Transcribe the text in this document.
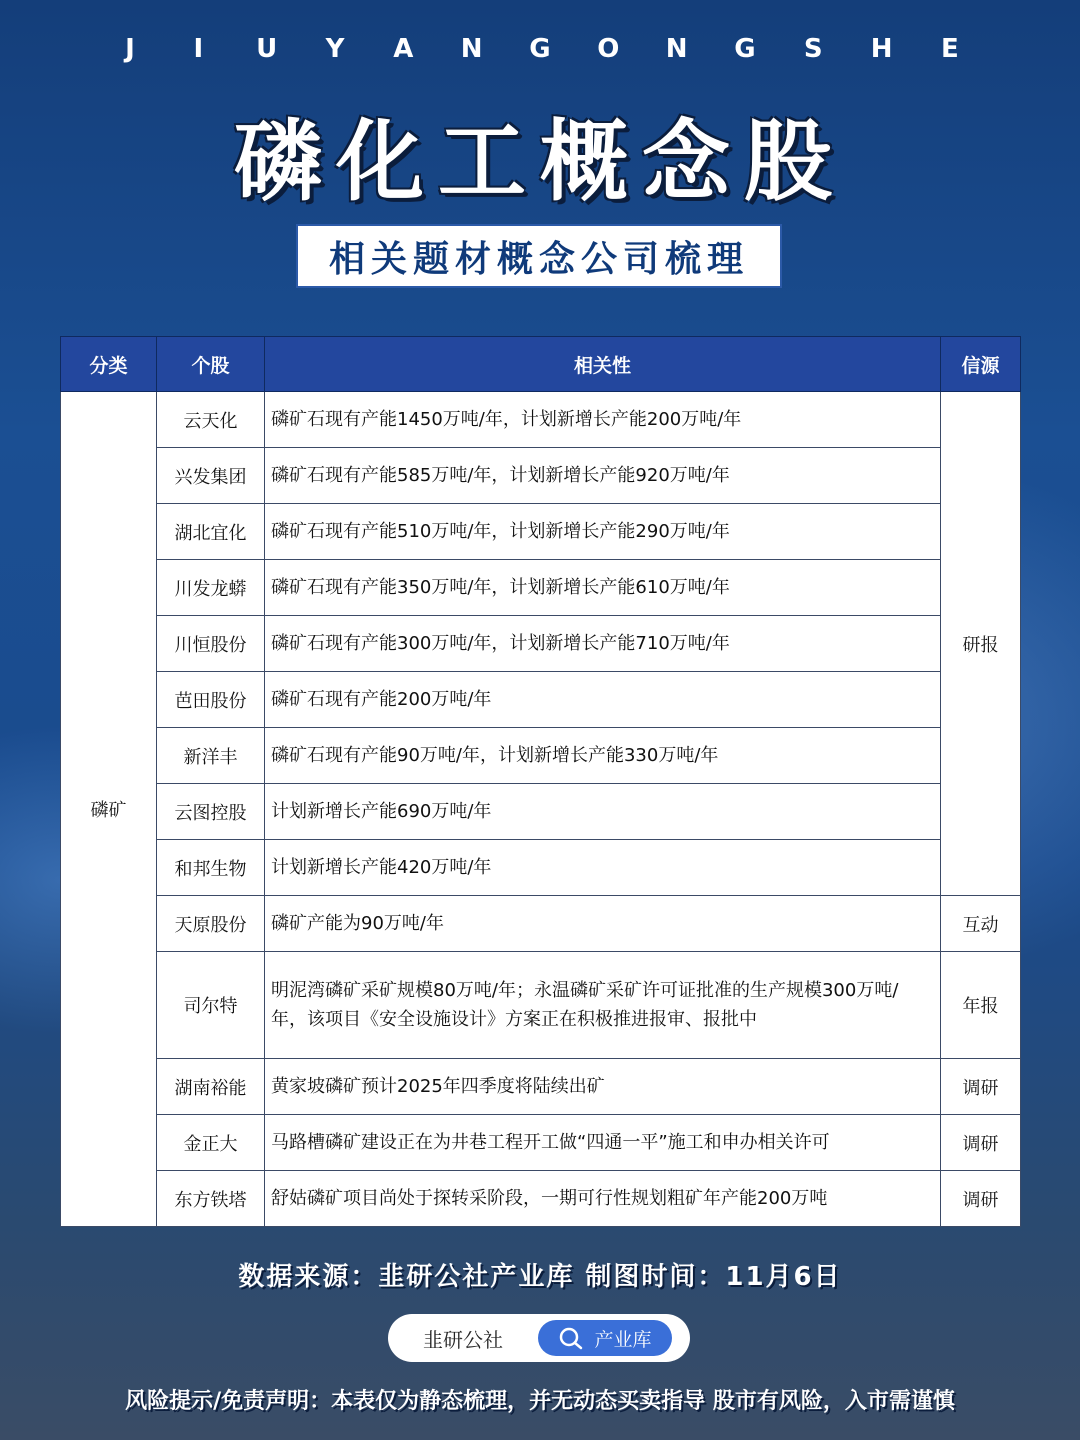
J	I	U	Y	A	N	G	O	N	G	S	H	E
磷化工概念股
相关题材概念公司梳理
分类	个股	相关性	信源
磷矿	云天化	磷矿石现有产能1450万吨/年，计划新增长产能200万吨/年	研报
	兴发集团	磷矿石现有产能585万吨/年，计划新增长产能920万吨/年	
	湖北宜化	磷矿石现有产能510万吨/年，计划新增长产能290万吨/年	
	川发龙蟒	磷矿石现有产能350万吨/年，计划新增长产能610万吨/年	
	川恒股份	磷矿石现有产能300万吨/年，计划新增长产能710万吨/年	
	芭田股份	磷矿石现有产能200万吨/年	
	新洋丰	磷矿石现有产能90万吨/年，计划新增长产能330万吨/年	
	云图控股	计划新增长产能690万吨/年	
	和邦生物	计划新增长产能420万吨/年	
	天原股份	磷矿产能为90万吨/年	互动
	司尔特	明泥湾磷矿采矿规模80万吨/年；永温磷矿采矿许可证批准的生产规模300万吨/年，该项目《安全设施设计》方案正在积极推进报审、报批中	年报
	湖南裕能	黄家坡磷矿预计2025年四季度将陆续出矿	调研
	金正大	马路槽磷矿建设正在为井巷工程开工做“四通一平”施工和申办相关许可	调研
	东方铁塔	舒姑磷矿项目尚处于探转采阶段，一期可行性规划粗矿年产能200万吨	调研
数据来源：韭研公社产业库 制图时间：11月6日
韭研公社	产业库
风险提示/免责声明：本表仅为静态梳理，并无动态买卖指导 股市有风险，入市需谨慎
